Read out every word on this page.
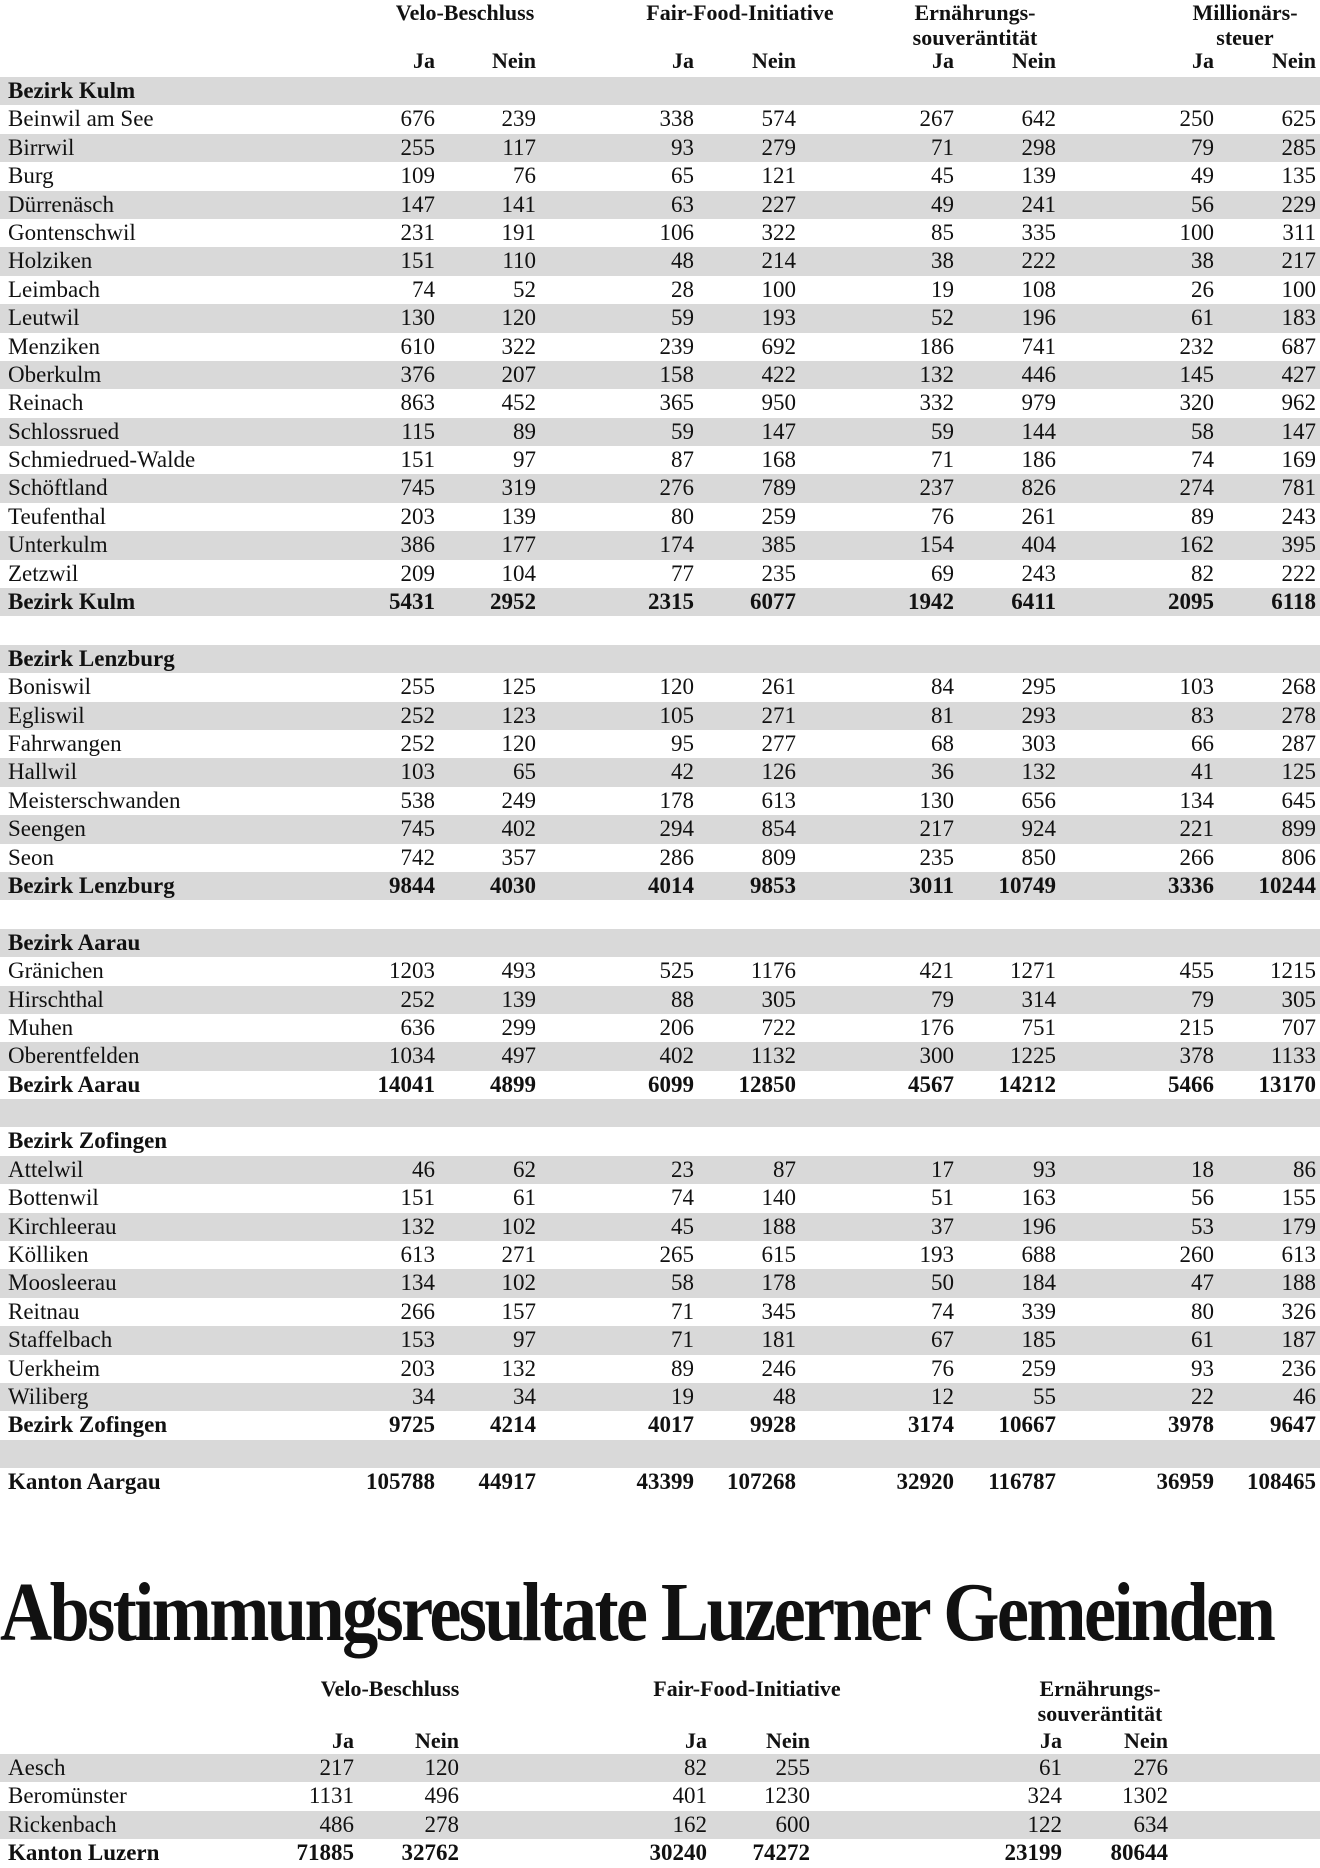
Velo-Beschluss	Fair-Food-Initiative	Ernährungs-
souveräntität
Millionärs-
steuer
Ja	Nein	Ja	Nein	Ja	Nein	Ja	Nein
Bezirk Kulm
Beinwil am See	676	239	338	574	267	642	250	625
Birrwil	255	117	93	279	71	298	79	285
Burg	109	76	65	121	45	139	49	135
Dürrenäsch	147	141	63	227	49	241	56	229
Gontenschwil	231	191	106	322	85	335	100	311
Holziken	151	110	48	214	38	222	38	217
Leimbach	74	52	28	100	19	108	26	100
Leutwil	130	120	59	193	52	196	61	183
Menziken	610	322	239	692	186	741	232	687
Oberkulm	376	207	158	422	132	446	145	427
Reinach	863	452	365	950	332	979	320	962
Schlossrued	115	89	59	147	59	144	58	147
Schmiedrued-Walde	151	97	87	168	71	186	74	169
Schöftland	745	319	276	789	237	826	274	781
Teufenthal	203	139	80	259	76	261	89	243
Unterkulm	386	177	174	385	154	404	162	395
Zetzwil	209	104	77	235	69	243	82	222
Bezirk Kulm	5431	2952	2315	6077	1942	6411	2095	6118
Bezirk Lenzburg
Boniswil	255	125	120	261	84	295	103	268
Egliswil	252	123	105	271	81	293	83	278
Fahrwangen	252	120	95	277	68	303	66	287
Hallwil	103	65	42	126	36	132	41	125
Meisterschwanden	538	249	178	613	130	656	134	645
Seengen	745	402	294	854	217	924	221	899
Seon	742	357	286	809	235	850	266	806
Bezirk Lenzburg	9844	4030	4014	9853	3011	10749	3336	10244
Bezirk Aarau
Gränichen	1203	493	525	1176	421	1271	455	1215
Hirschthal	252	139	88	305	79	314	79	305
Muhen	636	299	206	722	176	751	215	707
Oberentfelden	1034	497	402	1132	300	1225	378	1133
Bezirk Aarau	14041	4899	6099	12850	4567	14212	5466	13170
Bezirk Zofingen
Attelwil	46	62	23	87	17	93	18	86
Bottenwil	151	61	74	140	51	163	56	155
Kirchleerau	132	102	45	188	37	196	53	179
Kölliken	613	271	265	615	193	688	260	613
Moosleerau	134	102	58	178	50	184	47	188
Reitnau	266	157	71	345	74	339	80	326
Staffelbach	153	97	71	181	67	185	61	187
Uerkheim	203	132	89	246	76	259	93	236
Wiliberg	34	34	19	48	12	55	22	46
Bezirk Zofingen	9725	4214	4017	9928	3174	10667	3978	9647
Kanton Aargau	105788	44917	43399	107268	32920	116787	36959	108465
Abstimmungsresultate Luzerner Gemeinden
Velo-Beschluss	Fair-Food-Initiative	Ernährungs-
souveräntität
Ja	Nein	Ja	Nein	Ja	Nein
Aesch	217	120	82	255	61	276
Beromünster	1131	496	401	1230	324	1302
Rickenbach	486	278	162	600	122	634
Kanton Luzern	71885	32762	30240	74272	23199	80644
